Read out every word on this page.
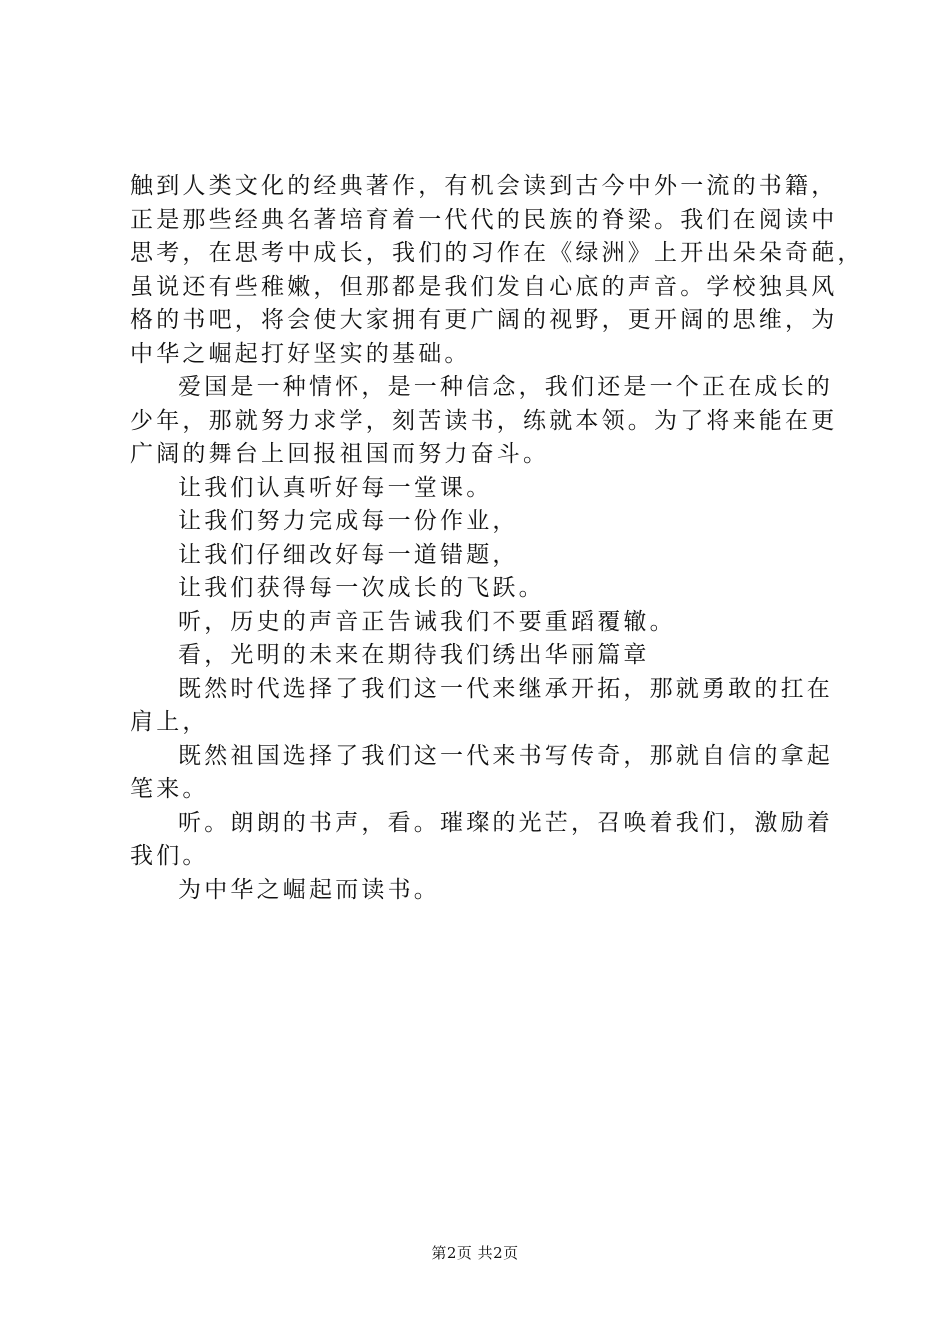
触到人类文化的经典著作，有机会读到古今中外一流的书籍，
正是那些经典名著培育着一代代的民族的脊梁。我们在阅读中
思考，在思考中成长，我们的习作在《绿洲》上开出朵朵奇葩，
虽说还有些稚嫩，但那都是我们发自心底的声音。学校独具风
格的书吧，将会使大家拥有更广阔的视野，更开阔的思维，为
中华之崛起打好坚实的基础。
爱国是一种情怀，是一种信念，我们还是一个正在成长的
少年，那就努力求学，刻苦读书，练就本领。为了将来能在更
广阔的舞台上回报祖国而努力奋斗。
让我们认真听好每一堂课。
让我们努力完成每一份作业，
让我们仔细改好每一道错题，
让我们获得每一次成长的飞跃。
听，历史的声音正告诫我们不要重蹈覆辙。
看，光明的未来在期待我们绣出华丽篇章
既然时代选择了我们这一代来继承开拓，那就勇敢的扛在
肩上，
既然祖国选择了我们这一代来书写传奇，那就自信的拿起
笔来。
听。朗朗的书声，看。璀璨的光芒，召唤着我们，激励着
我们。
为中华之崛起而读书。
第2页 共2页
